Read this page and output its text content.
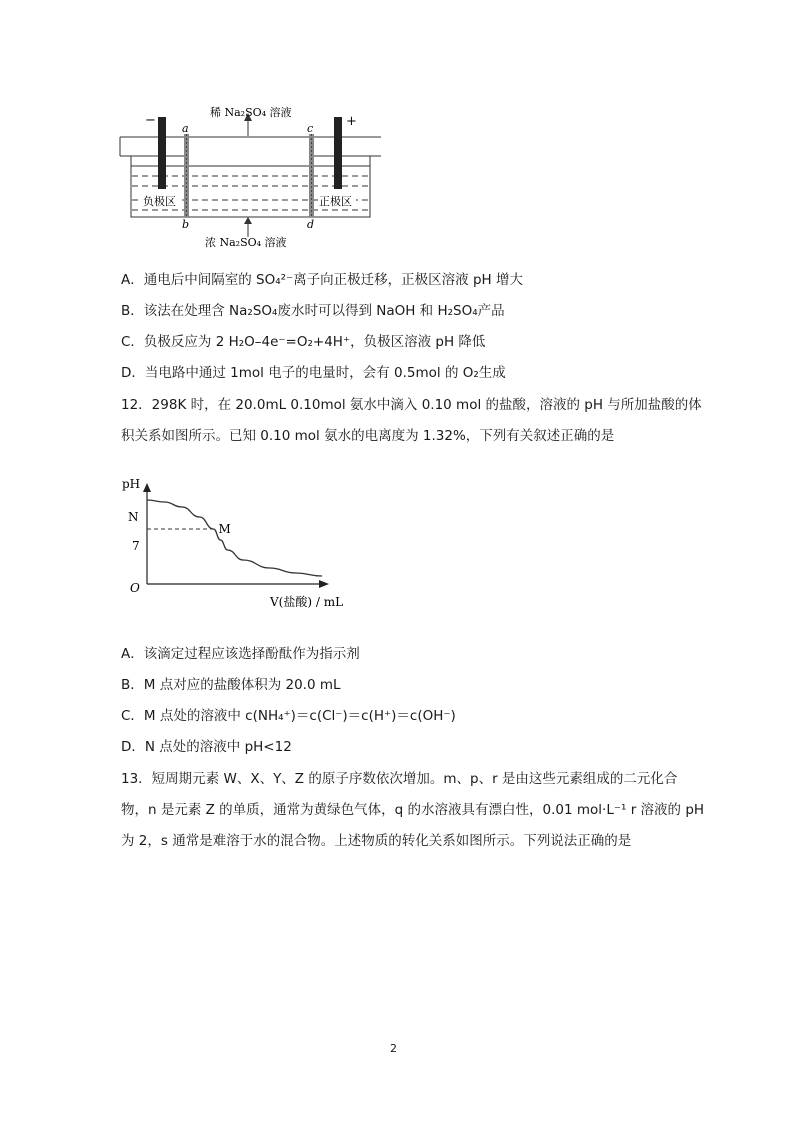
稀 Na₂SO₄ 溶液
浓 Na₂SO₄ 溶液
−	+
a	c
b	d
负极区	正极区
A．通电后中间隔室的 SO₄²⁻离子向正极迁移，正极区溶液 pH 增大
B．该法在处理含 Na₂SO₄废水时可以得到 NaOH 和 H₂SO₄产品
C．负极反应为 2 H₂O–4e⁻=O₂+4H⁺，负极区溶液 pH 降低
D．当电路中通过 1mol 电子的电量时，会有 0.5mol 的 O₂生成
12．298K 时，在 20.0mL 0.10mol 氨水中滴入 0.10 mol 的盐酸，溶液的 pH 与所加盐酸的体
积关系如图所示。已知 0.10 mol 氨水的电离度为 1.32%，下列有关叙述正确的是
pH
N
7
O
V(盐酸) / mL
M
A．该滴定过程应该选择酚酞作为指示剂
B．M 点对应的盐酸体积为 20.0 mL
C．M 点处的溶液中 c(NH₄⁺)＝c(Cl⁻)＝c(H⁺)＝c(OH⁻)
D．N 点处的溶液中 pH<12
13．短周期元素 W、X、Y、Z 的原子序数依次增加。m、p、r 是由这些元素组成的二元化合
物，n 是元素 Z 的单质，通常为黄绿色气体，q 的水溶液具有漂白性，0.01 mol·L⁻¹ r 溶液的 pH
为 2，s 通常是难溶于水的混合物。上述物质的转化关系如图所示。下列说法正确的是
2
